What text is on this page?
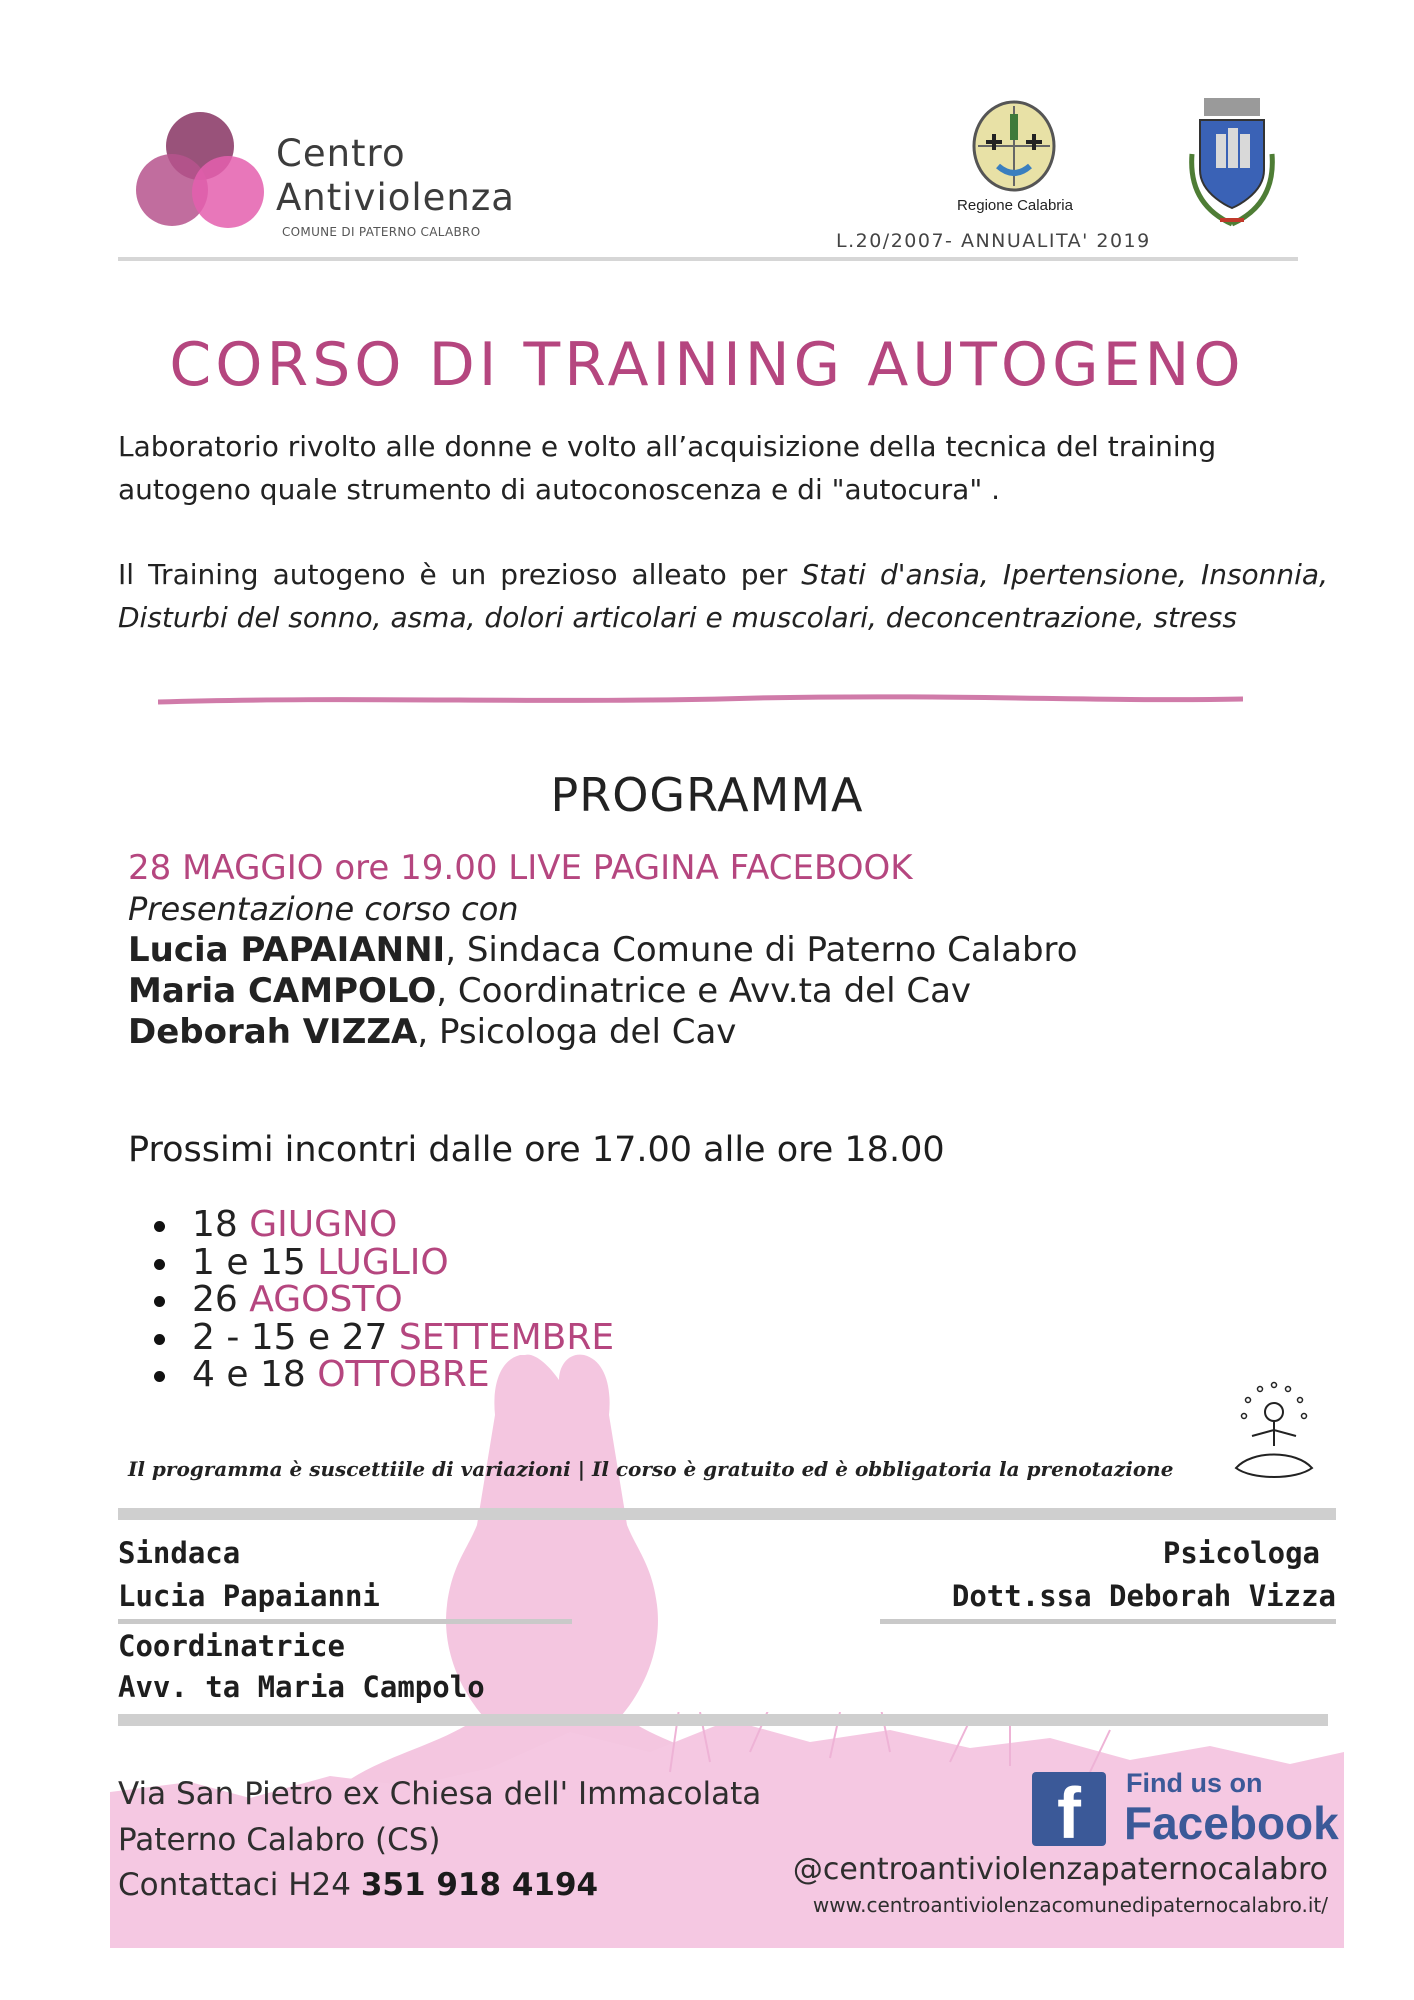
Centro
Antiviolenza
COMUNE DI PATERNO CALABRO
Regione Calabria
L.20/2007- ANNUALITA' 2019
CORSO DI TRAINING AUTOGENO
Laboratorio rivolto alle donne e volto all’acquisizione della tecnica del training autogeno quale strumento di autoconoscenza e di "autocura" .
Il Training autogeno è un prezioso alleato per Stati d'ansia, Ipertensione, Insonnia, Disturbi del sonno, asma, dolori articolari e muscolari, deconcentrazione, stress
PROGRAMMA
28 MAGGIO ore 19.00 LIVE PAGINA FACEBOOK
Presentazione corso con
Lucia PAPAIANNI, Sindaca Comune di Paterno Calabro
Maria CAMPOLO, Coordinatrice e Avv.ta del Cav
Deborah VIZZA, Psicologa del Cav
Prossimi incontri dalle ore 17.00 alle ore 18.00
18 GIUGNO
1 e 15 LUGLIO
26 AGOSTO
2 - 15 e 27 SETTEMBRE
4 e 18 OTTOBRE
Il programma è suscettiile di variazioni | Il corso è gratuito ed è obbligatoria la prenotazione
Sindaca
Lucia Papaianni
Coordinatrice
Avv. ta Maria Campolo
Psicologa
Dott.ssa Deborah Vizza
Via San Pietro ex Chiesa dell' Immacolata
Paterno Calabro (CS)
Contattaci H24 351 918 4194
f	Find us on
Facebook
@centroantiviolenzapaternocalabro
www.centroantiviolenzacomunedipaternocalabro.it/
